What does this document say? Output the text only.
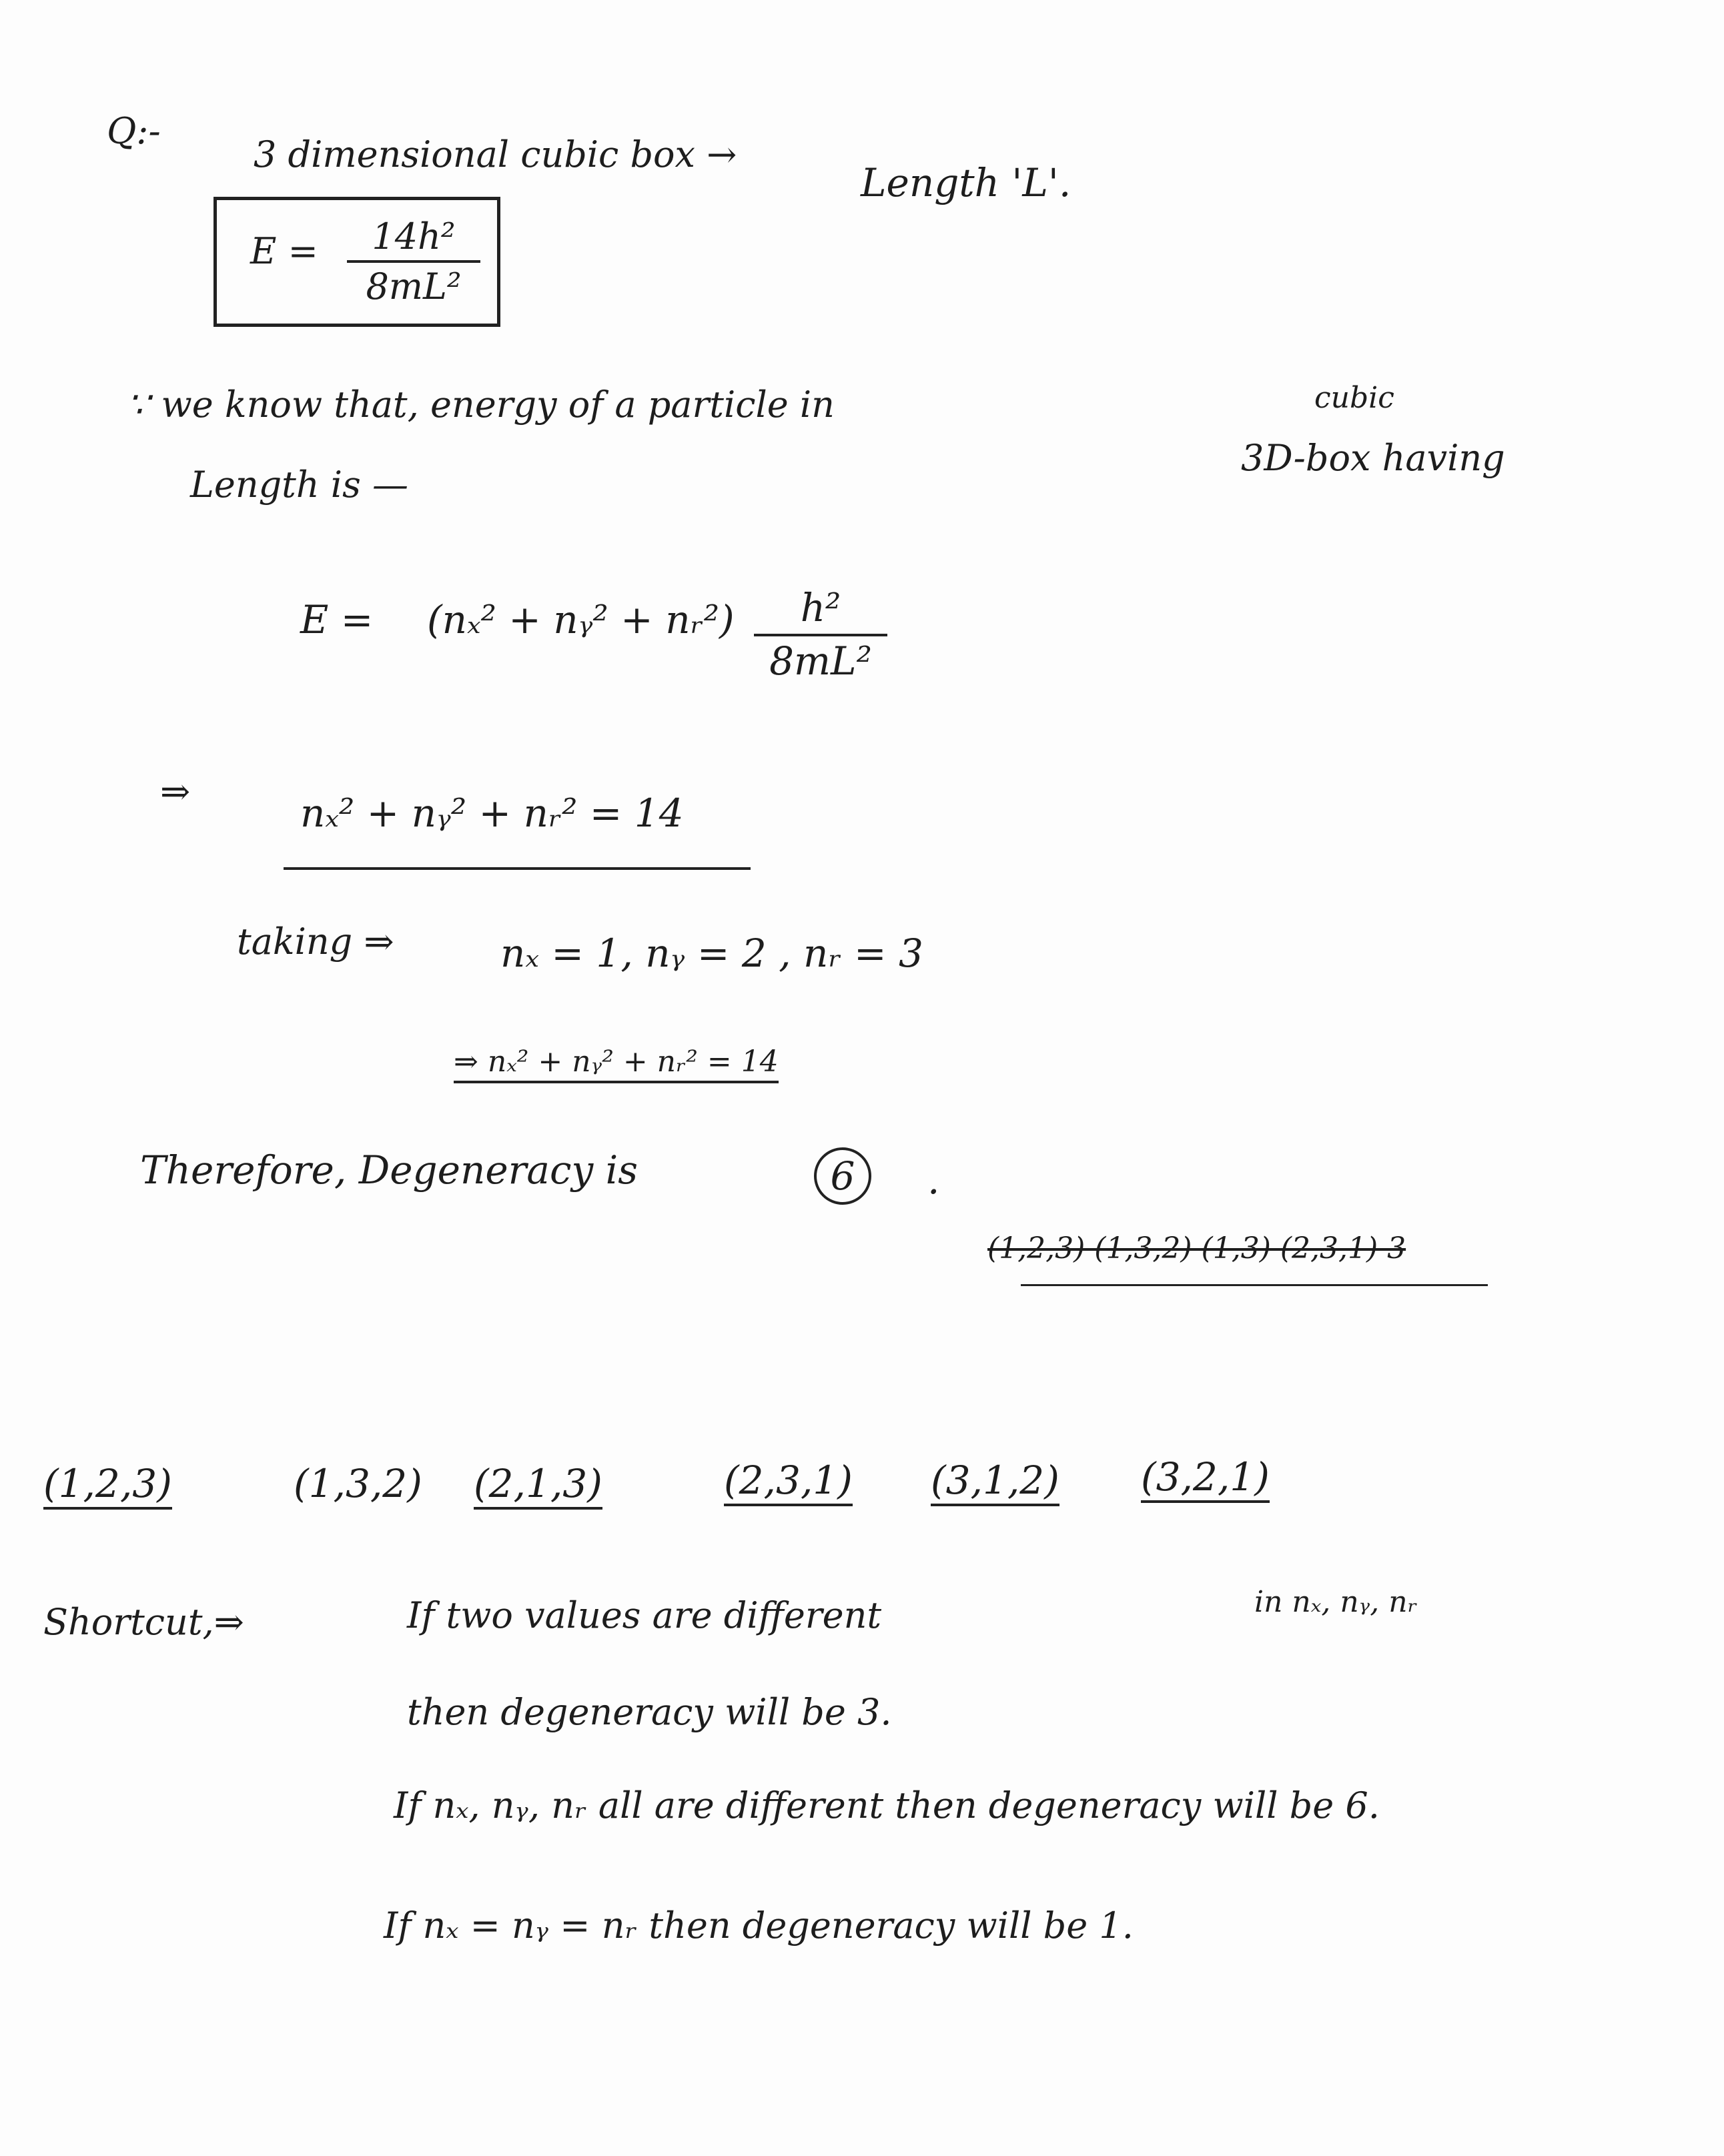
Q:-
3 dimensional cubic box →
Length 'L'.
E =	14h²
8mL²
∵ we know that, energy of a particle in	cubic
3D-box having
Length is —
E = (nₓ² + nᵧ² + nᵣ²)	h²
8mL²
⇒	nₓ² + nᵧ² + nᵣ² = 14
taking ⇒	nₓ = 1, nᵧ = 2 , nᵣ = 3
⇒ nₓ² + nᵧ² + nᵣ² = 14
Therefore, Degeneracy is	6	.
(1,2,3) (1,3,2) (1,3) (2,3,1) 3
(1,2,3)	(1,3,2) (2,1,3)	(2,3,1) (3,1,2) (3,2,1)
Shortcut,⇒	If two values are different	in nₓ, nᵧ, nᵣ
then degeneracy will be 3.
If nₓ, nᵧ, nᵣ all are different then degeneracy will be 6.
If nₓ = nᵧ = nᵣ then degeneracy will be 1.
